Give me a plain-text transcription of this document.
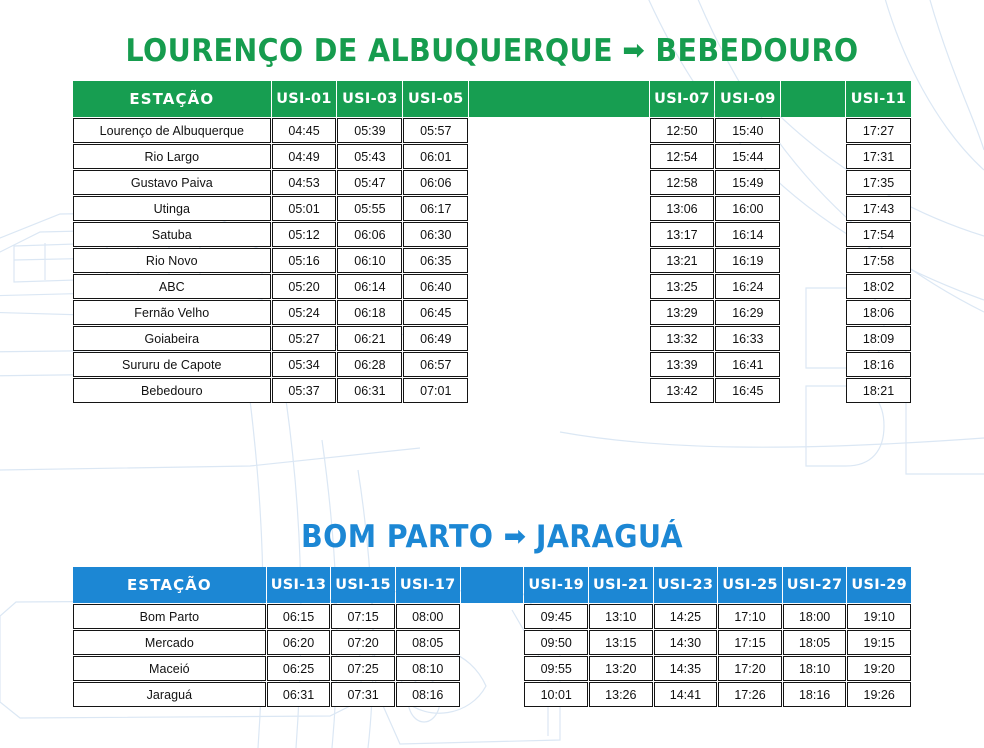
LOURENÇO DE ALBUQUERQUE ➡ BEBEDOURO
ESTAÇÃO	USI-01	USI-03	USI-05		USI-07	USI-09		USI-11
Lourenço de Albuquerque	04:45	05:39	05:57		12:50	15:40		17:27
Rio Largo	04:49	05:43	06:01		12:54	15:44		17:31
Gustavo Paiva	04:53	05:47	06:06		12:58	15:49		17:35
Utinga	05:01	05:55	06:17		13:06	16:00		17:43
Satuba	05:12	06:06	06:30		13:17	16:14		17:54
Rio Novo	05:16	06:10	06:35		13:21	16:19		17:58
ABC	05:20	06:14	06:40		13:25	16:24		18:02
Fernão Velho	05:24	06:18	06:45		13:29	16:29		18:06
Goiabeira	05:27	06:21	06:49		13:32	16:33		18:09
Sururu de Capote	05:34	06:28	06:57		13:39	16:41		18:16
Bebedouro	05:37	06:31	07:01		13:42	16:45		18:21
BOM PARTO ➡ JARAGUÁ
ESTAÇÃO	USI-13	USI-15	USI-17		USI-19	USI-21	USI-23	USI-25	USI-27	USI-29
Bom Parto	06:15	07:15	08:00		09:45	13:10	14:25	17:10	18:00	19:10
Mercado	06:20	07:20	08:05		09:50	13:15	14:30	17:15	18:05	19:15
Maceió	06:25	07:25	08:10		09:55	13:20	14:35	17:20	18:10	19:20
Jaraguá	06:31	07:31	08:16		10:01	13:26	14:41	17:26	18:16	19:26
